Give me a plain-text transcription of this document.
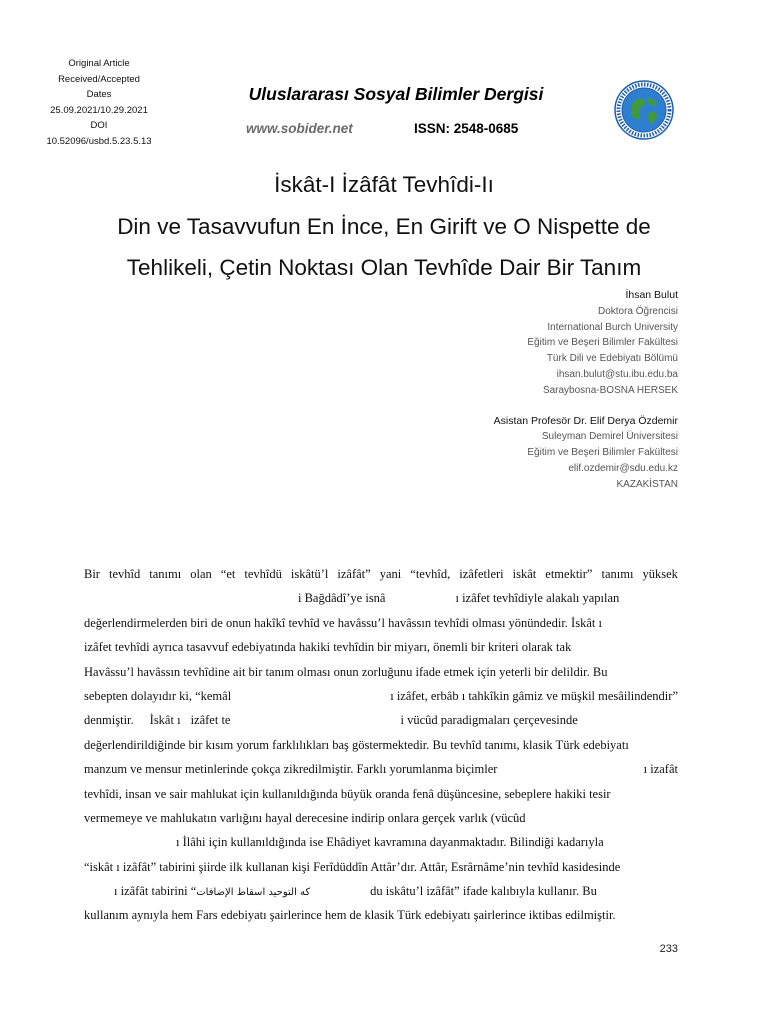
Original Article
Received/Accepted
Dates
25.09.2021/10.29.2021
DOI
10.52096/usbd.5.23.5.13
Uluslararası Sosyal Bilimler Dergisi
www.sobider.net	ISSN: 2548-0685
İskât-I İzâfât Tevhîdi-Iı
Din ve Tasavvufun En İnce, En Girift ve O Nispette de
Tehlikeli, Çetin Noktası Olan Tevhîde Dair Bir Tanım
İhsan Bulut
Doktora Öğrencisi
International Burch University
Eğitim ve Beşeri Bilimler Fakültesi
Türk Dili ve Edebiyatı Bölümü
ihsan.bulut@stu.ibu.edu.ba
Saraybosna-BOSNA HERSEK
Asistan Profesör Dr. Elif Derya Özdemir
Suleyman Demirel Üniversitesi
Eğitim ve Beşeri Bilimler Fakültesi
elif.ozdemir@sdu.edu.kz
KAZAKİSTAN
Bir tevhîd tanımı olan “et tevhîdü iskâtü’l izâfât” yani “tevhîd, izâfetleri iskât etmektir” tanımı yüksek
i Bağdâdî’ye isnâ	ı izâfet tevhîdiyle alakalı yapılan
değerlendirmelerden biri de onun hakîkî tevhîd ve havâssu’l havâssın tevhîdi olması yönündedir. İskât ı
izâfet tevhîdi ayrıca tasavvuf edebiyatında hakiki tevhîdin bir miyarı, önemli bir kriteri olarak tak
Havâssu’l havâssın tevhîdine ait bir tanım olması onun zorluğunu ifade etmek için yeterli bir delildir. Bu
sebepten dolayıdır ki, “kemâl	ı izâfet, erbâb ı tahkîkin gâmiz ve müşkil mesâilindendir”
denmiştir. İskât ı izâfet te	i vücûd paradigmaları çerçevesinde
değerlendirildiğinde bir kısım yorum farklılıkları baş göstermektedir. Bu tevhîd tanımı, klasik Türk edebiyatı
manzum ve mensur metinlerinde çokça zikredilmiştir. Farklı yorumlanma biçimler	ı izafât
tevhîdi, insan ve sair mahlukat için kullanıldığında büyük oranda fenâ düşüncesine, sebeplere hakiki tesir
vermemeye ve mahlukatın varlığını hayal derecesine indirip onlara gerçek varlık (vücûd
ı İlâhi için kullanıldığında ise Ehâdiyet kavramına dayanmaktadır. Bilindiği kadarıyla
“iskât ı izâfât” tabirini şiirde ilk kullanan kişi Ferîdüddîn Attâr’dır. Attâr, Esrârnâme’nin tevhîd kasidesinde
ı izâfât tabirini “که التوحید اسقاط الإضافات	du iskâtu’l izâfât” ifade kalıbıyla kullanır. Bu
kullanım aynıyla hem Fars edebiyatı şairlerince hem de klasik Türk edebiyatı şairlerince iktibas edilmiştir.
233
